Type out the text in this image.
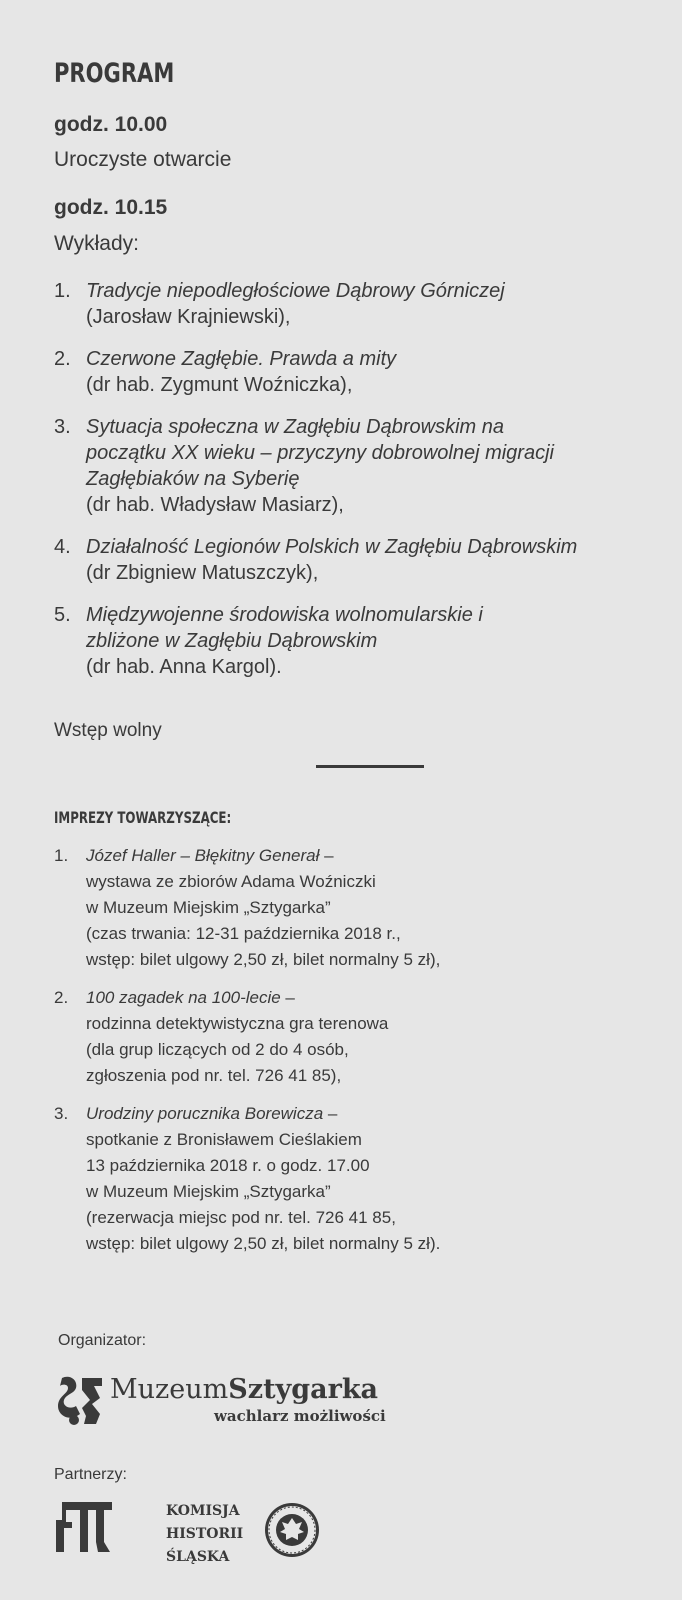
PROGRAM
godz. 10.00
Uroczyste otwarcie
godz. 10.15
Wykłady:
1. Tradycje niepodległościowe Dąbrowy Górniczej
(Jarosław Krajniewski),
2. Czerwone Zagłębie. Prawda a mity
(dr hab. Zygmunt Woźniczka),
3. Sytuacja społeczna w Zagłębiu Dąbrowskim na początku XX wieku – przyczyny dobrowolnej migracji Zagłębiaków na Syberię
(dr hab. Władysław Masiarz),
4. Działalność Legionów Polskich w Zagłębiu Dąbrowskim
(dr Zbigniew Matuszczyk),
5. Międzywojenne środowiska wolnomularskie i zbliżone w Zagłębiu Dąbrowskim
(dr hab. Anna Kargol).
Wstęp wolny
IMPREZY TOWARZYSZĄCE:
1. Józef Haller – Błękitny Generał –
wystawa ze zbiorów Adama Woźniczki
w Muzeum Miejskim „Sztygarka”
(czas trwania: 12-31 października 2018 r.,
wstęp: bilet ulgowy 2,50 zł, bilet normalny 5 zł),
2. 100 zagadek na 100-lecie –
rodzinna detektywistyczna gra terenowa
(dla grup liczących od 2 do 4 osób,
zgłoszenia pod nr. tel. 726 41 85),
3. Urodziny porucznika Borewicza –
spotkanie z Bronisławem Cieślakiem
13 października 2018 r. o godz. 17.00
w Muzeum Miejskim „Sztygarka”
(rezerwacja miejsc pod nr. tel. 726 41 85,
wstęp: bilet ulgowy 2,50 zł, bilet normalny 5 zł).
Organizator:
MuzeumSztygarka
wachlarz możliwości
Partnerzy:
KOMISJA
HISTORII
ŚLĄSKA
